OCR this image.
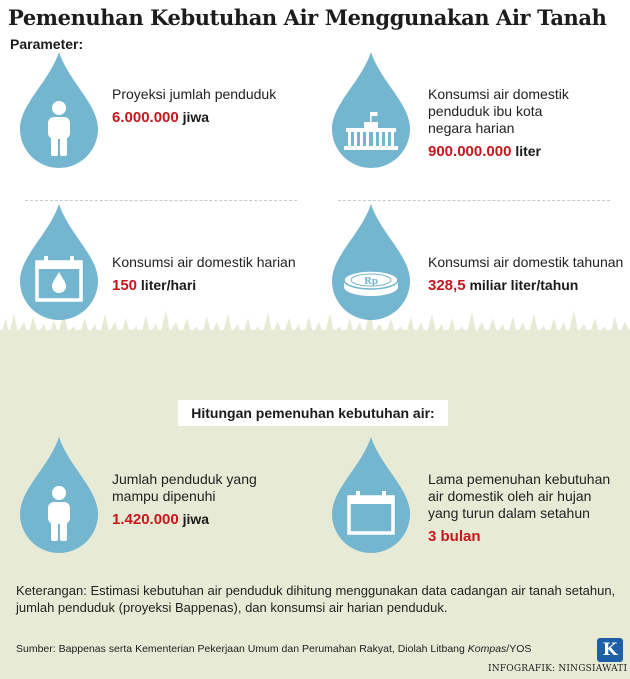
Pemenuhan Kebutuhan Air Menggunakan Air Tanah
Parameter:
Proyeksi jumlah penduduk
6.000.000 jiwa
Konsumsi air domestik
penduduk ibu kota
negara harian
900.000.000 liter
Konsumsi air domestik harian
150 liter/hari	Rp
Konsumsi air domestik tahunan
328,5 miliar liter/tahun
Hitungan pemenuhan kebutuhan air:
Jumlah penduduk yang
mampu dipenuhi
1.420.000 jiwa
Lama pemenuhan kebutuhan
air domestik oleh air hujan
yang turun dalam setahun
3 bulan
Keterangan: Estimasi kebutuhan air penduduk dihitung menggunakan data cadangan air tanah setahun,
jumlah penduduk (proyeksi Bappenas), dan konsumsi air harian penduduk.
Sumber: Bappenas serta Kementerian Pekerjaan Umum dan Perumahan Rakyat, Diolah Litbang Kompas/YOS	K
INFOGRAFIK: NINGSIAWATI
